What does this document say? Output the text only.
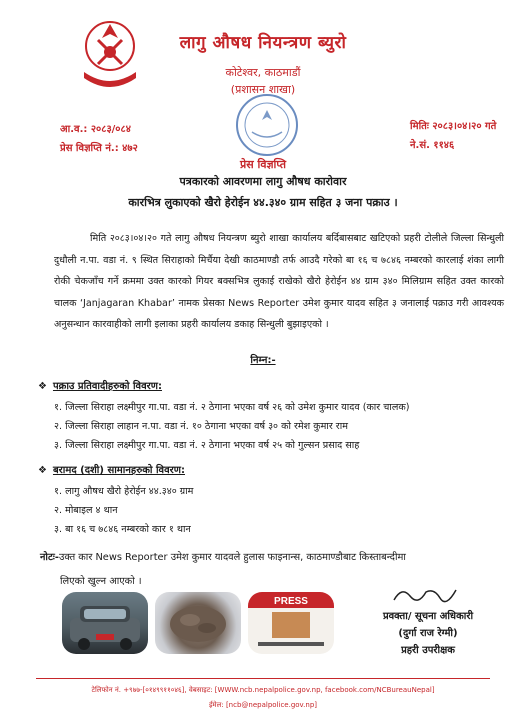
लागु औषध नियन्त्रण ब्युरो
कोटेश्वर, काठमाडौं
(प्रशासन शाखा)
आ.व.: २०८३/०८४
प्रेस विज्ञप्ति नं.: ४७२
मितिः २०८३।०४।२० गते
ने.सं. ११४६
प्रेस विज्ञप्ति
पत्रकारको आवरणमा लागु औषध कारोवार
कारभित्र लुकाएको खैरो हेरोईन ४४.३४० ग्राम सहित ३ जना पक्राउ ।

मिति २०८३।०४।२० गते लागु औषध नियन्त्रण ब्युरो शाखा कार्यालय बर्दिबासबाट खटिएको प्रहरी टोलीले जिल्ला सिन्धुली दुधौली न.पा. वडा नं. ९ स्थित सिराहाको मिर्चैया देखी काठमाण्डौ तर्फ आउदै गरेको बा १६ च ७८४६ नम्बरको कारलाई शंका लागी रोकी चेकजाँच गर्ने क्रममा उक्त कारको गियर बक्सभित्र लुकाई राखेको खैरो हेरोईन ४४ ग्राम ३४० मिलिग्राम सहित उक्त कारको चालक ‘Janjagaran Khabar’ नामक प्रेसका News Reporter उमेश कुमार यादव सहित ३ जनालाई पक्राउ गरी आवश्यक अनुसन्धान कारवाहीको लागी इलाका प्रहरी कार्यालय डकाह सिन्धुली बुझाइएको ।

निम्न:-
❖ पक्राउ प्रतिवादीहरुको विवरण:
१. जिल्ला सिराहा लक्ष्मीपुर गा.पा. वडा नं. २ ठेगाना भएका वर्ष २६ को उमेश कुमार यादव (कार चालक)
२. जिल्ला सिराहा लाहान न.पा. वडा नं. १० ठेगाना भएका वर्ष ३० को रमेश कुमार राम
३. जिल्ला सिराहा लक्ष्मीपुर गा.पा. वडा नं. २ ठेगाना भएका वर्ष २५ को गुल्सन प्रसाद साह
❖ बरामद (दशी) सामानहरुको विवरण:
१. लागु औषध खैरो हेरोईन ४४.३४० ग्राम
२. मोबाइल ४ थान
३. बा १६ च ७८४६ नम्बरको कार १ थान
नोटः-उक्त कार News Reporter उमेश कुमार यादवले हुलास फाइनान्स, काठमाण्डौबाट किस्ताबन्दीमा
लिएको खुल्न आएको ।
PRESS
प्रवक्ता/ सूचना अधिकारी
(दुर्गा राज रेग्मी)
प्रहरी उपरीक्षक
टेलिफोन नं. +९७७-[०१४९९११०४६], वेबसाइट: [WWW.ncb.nepalpolice.gov.np, facebook.com/NCBureauNepal]
ईमेल: [ncb@nepalpolice.gov.np]
